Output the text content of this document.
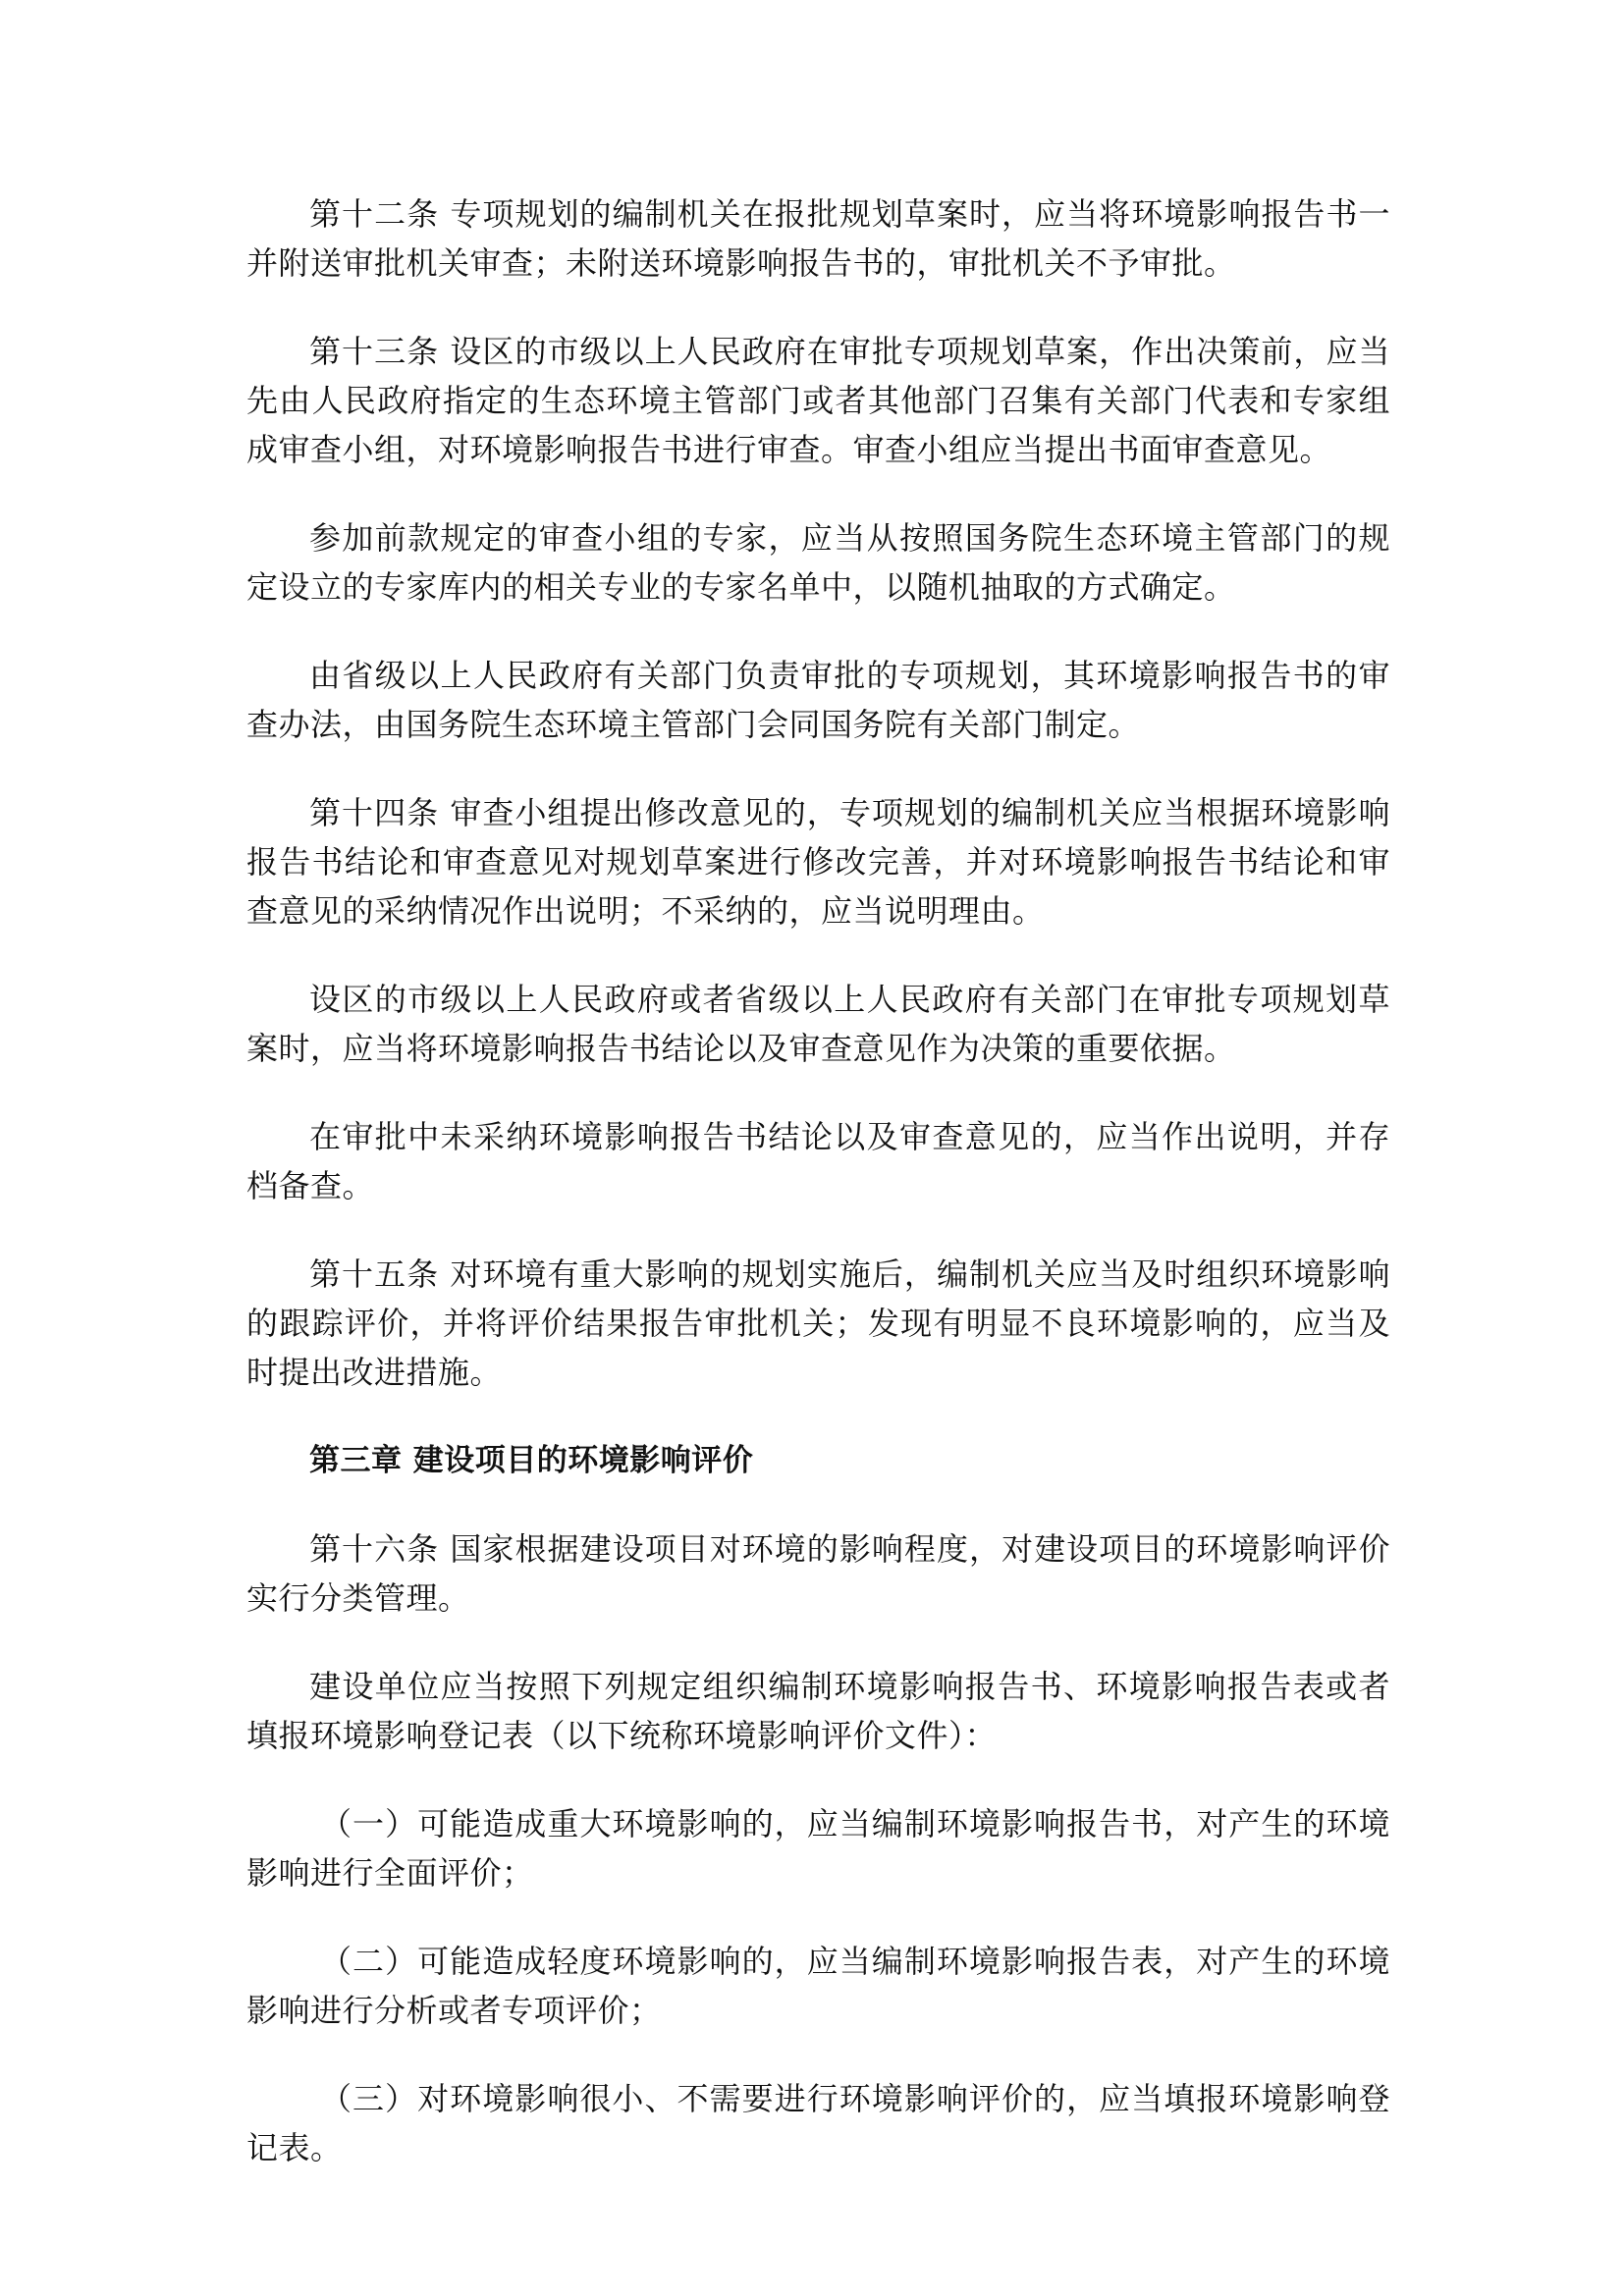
第十二条 专项规划的编制机关在报批规划草案时，应当将环境影响报告书一并附送审批机关审查；未附送环境影响报告书的，审批机关不予审批。

第十三条 设区的市级以上人民政府在审批专项规划草案，作出决策前，应当先由人民政府指定的生态环境主管部门或者其他部门召集有关部门代表和专家组成审查小组，对环境影响报告书进行审查。审查小组应当提出书面审查意见。

参加前款规定的审查小组的专家，应当从按照国务院生态环境主管部门的规定设立的专家库内的相关专业的专家名单中，以随机抽取的方式确定。

由省级以上人民政府有关部门负责审批的专项规划，其环境影响报告书的审查办法，由国务院生态环境主管部门会同国务院有关部门制定。

第十四条 审查小组提出修改意见的，专项规划的编制机关应当根据环境影响报告书结论和审查意见对规划草案进行修改完善，并对环境影响报告书结论和审查意见的采纳情况作出说明；不采纳的，应当说明理由。

设区的市级以上人民政府或者省级以上人民政府有关部门在审批专项规划草案时，应当将环境影响报告书结论以及审查意见作为决策的重要依据。

在审批中未采纳环境影响报告书结论以及审查意见的，应当作出说明，并存档备查。

第十五条 对环境有重大影响的规划实施后，编制机关应当及时组织环境影响的跟踪评价，并将评价结果报告审批机关；发现有明显不良环境影响的，应当及时提出改进措施。

第三章 建设项目的环境影响评价

第十六条 国家根据建设项目对环境的影响程度，对建设项目的环境影响评价实行分类管理。

建设单位应当按照下列规定组织编制环境影响报告书、环境影响报告表或者填报环境影响登记表（以下统称环境影响评价文件）：

（一）可能造成重大环境影响的，应当编制环境影响报告书，对产生的环境影响进行全面评价；

（二）可能造成轻度环境影响的，应当编制环境影响报告表，对产生的环境影响进行分析或者专项评价；

（三）对环境影响很小、不需要进行环境影响评价的，应当填报环境影响登记表。
